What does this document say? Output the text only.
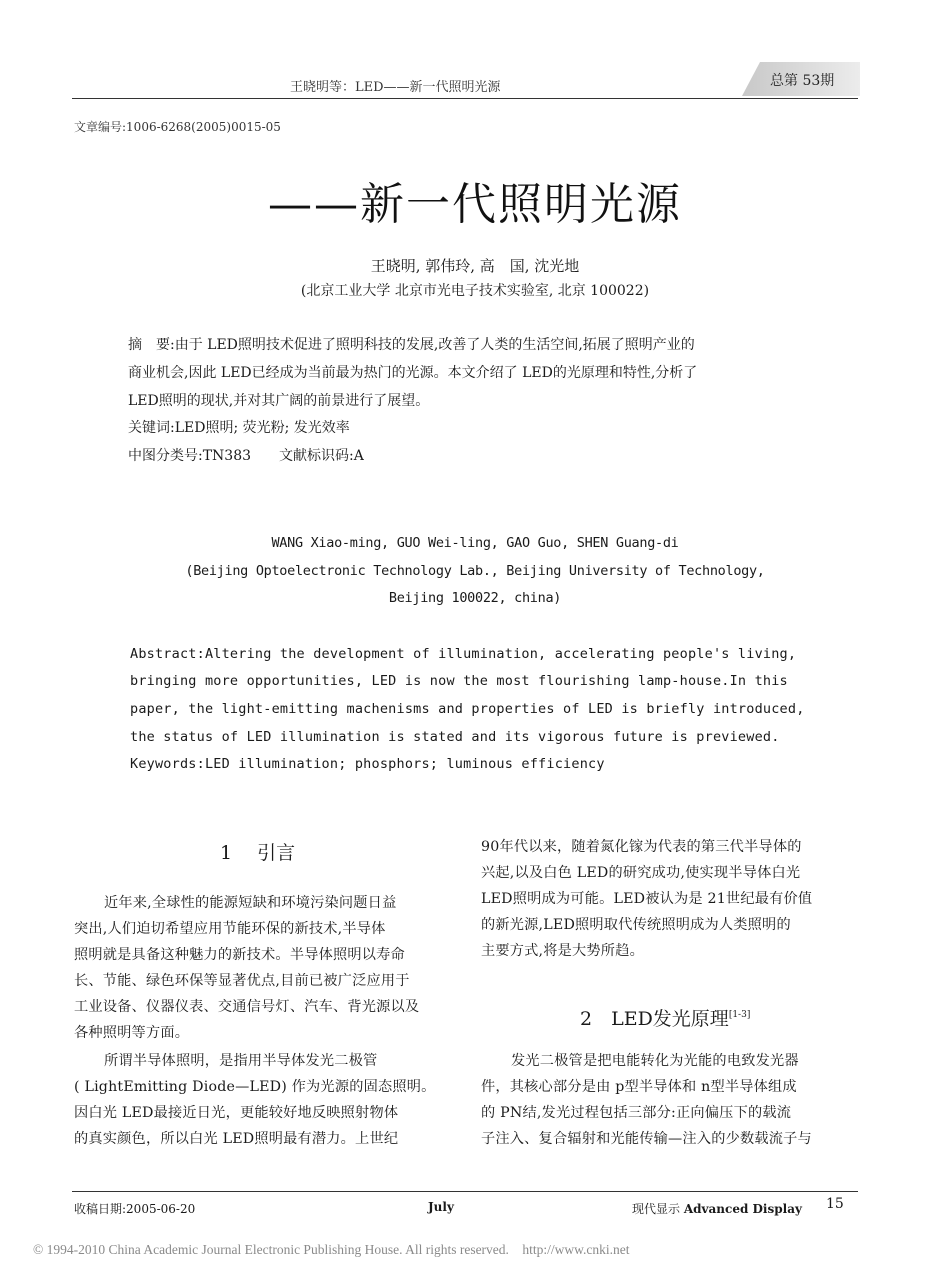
王晓明等：LED——新一代照明光源	总第 53期
文章编号:1006-6268(2005)0015-05
——新一代照明光源
王晓明, 郭伟玲, 高　国, 沈光地
(北京工业大学 北京市光电子技术实验室, 北京 100022)
摘　要:由于 LED照明技术促进了照明科技的发展,改善了人类的生活空间,拓展了照明产业的
商业机会,因此 LED已经成为当前最为热门的光源。本文介绍了 LED的光原理和特性,分析了
LED照明的现状,并对其广阔的前景进行了展望。
关键词:LED照明; 荧光粉; 发光效率
中图分类号:TN383　　文献标识码:A
WANG Xiao-ming, GUO Wei-ling, GAO Guo, SHEN Guang-di
(Beijing Optoelectronic Technology Lab., Beijing University of Technology,
Beijing 100022, china)
Abstract:Altering the development of illumination, accelerating people's living,
bringing more opportunities, LED is now the most flourishing lamp-house.In this
paper, the light-emitting machenisms and properties of LED is briefly introduced,
the status of LED illumination is stated and its vigorous future is previewed.
Keywords:LED illumination; phosphors; luminous efficiency
1　 引言
近年来,全球性的能源短缺和环境污染问题日益
突出,人们迫切希望应用节能环保的新技术,半导体
照明就是具备这种魅力的新技术。半导体照明以寿命
长、节能、绿色环保等显著优点,目前已被广泛应用于
工业设备、仪器仪表、交通信号灯、汽车、背光源以及
各种照明等方面。
所谓半导体照明，是指用半导体发光二极管
( LightEmitting Diode—LED) 作为光源的固态照明。
因白光 LED最接近日光，更能较好地反映照射物体
的真实颜色，所以白光 LED照明最有潜力。上世纪
90年代以来，随着氮化镓为代表的第三代半导体的
兴起,以及白色 LED的研究成功,使实现半导体白光
LED照明成为可能。LED被认为是 21世纪最有价值
的新光源,LED照明取代传统照明成为人类照明的
主要方式,将是大势所趋。
2　LED发光原理[1-3]
发光二极管是把电能转化为光能的电致发光器
件，其核心部分是由 p型半导体和 n型半导体组成
的 PN结,发光过程包括三部分:正向偏压下的载流
子注入、复合辐射和光能传输—注入的少数载流子与
收稿日期:2005-06-20	July	现代显示 Advanced Display 15
© 1994-2010 China Academic Journal Electronic Publishing House. All rights reserved.　http://www.cnki.net
